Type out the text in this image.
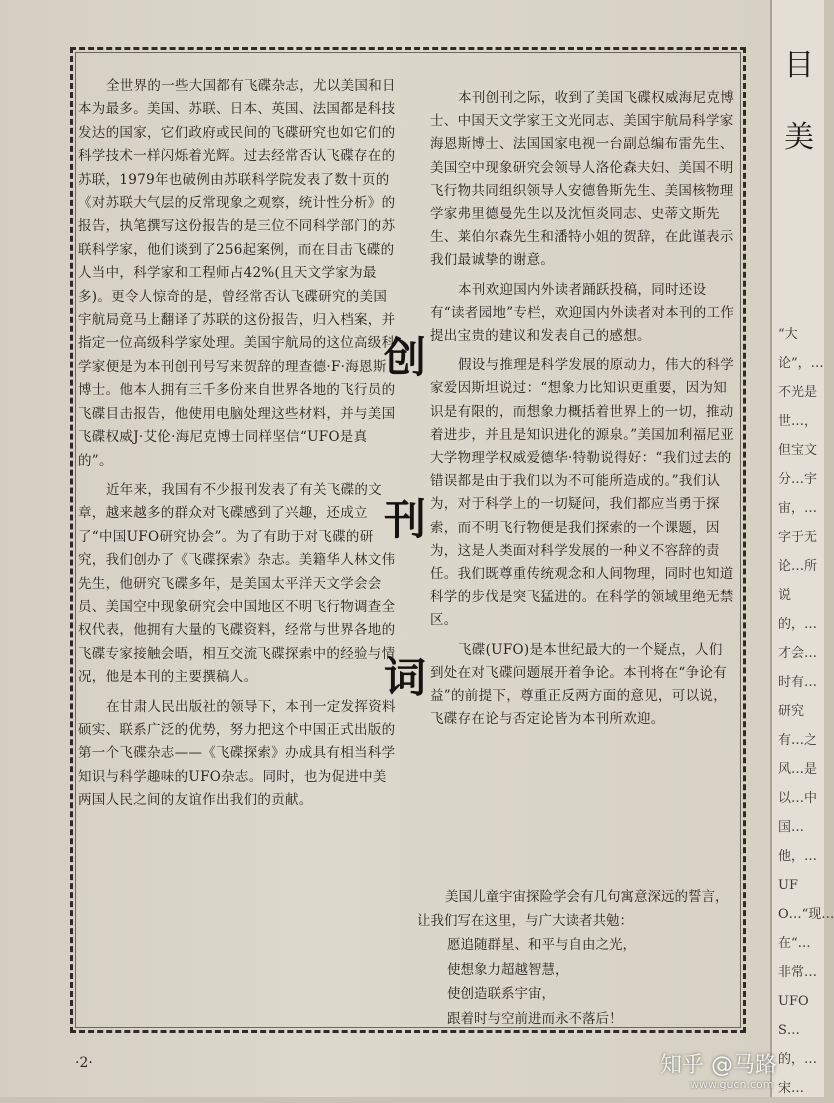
全世界的一些大国都有飞碟杂志，尤以美国和日本为最多。美国、苏联、日本、英国、法国都是科技发达的国家，它们政府或民间的飞碟研究也如它们的科学技术一样闪烁着光辉。过去经常否认飞碟存在的苏联，1979年也破例由苏联科学院发表了数十页的《对苏联大气层的反常现象之观察，统计性分析》的报告，执笔撰写这份报告的是三位不同科学部门的苏联科学家，他们谈到了256起案例，而在目击飞碟的人当中，科学家和工程师占42%(且天文学家为最多)。更令人惊奇的是，曾经常否认飞碟研究的美国宇航局竟马上翻译了苏联的这份报告，归入档案，并指定一位高级科学家处理。美国宇航局的这位高级科学家便是为本刊创刊号写来贺辞的理查德·F·海恩斯博士。他本人拥有三千多份来自世界各地的飞行员的飞碟目击报告，他使用电脑处理这些材料，并与美国飞碟权威J·艾伦·海尼克博士同样坚信“UFO是真的”。

近年来，我国有不少报刊发表了有关飞碟的文章，越来越多的群众对飞碟感到了兴趣，还成立了“中国UFO研究协会”。为了有助于对飞碟的研究，我们创办了《飞碟探索》杂志。美籍华人林文伟先生，他研究飞碟多年，是美国太平洋天文学会会员、美国空中现象研究会中国地区不明飞行物调查全权代表，他拥有大量的飞碟资料，经常与世界各地的飞碟专家接触会晤，相互交流飞碟探索中的经验与情况，他是本刊的主要撰稿人。

在甘肃人民出版社的领导下，本刊一定发挥资料硕实、联系广泛的优势，努力把这个中国正式出版的第一个飞碟杂志——《飞碟探索》办成具有相当科学知识与科学趣味的UFO杂志。同时，也为促进中美两国人民之间的友谊作出我们的贡献。

创
刊
词

本刊创刊之际，收到了美国飞碟权威海尼克博士、中国天文学家王文光同志、美国宇航局科学家海恩斯博士、法国国家电视一台副总编布雷先生、美国空中现象研究会领导人洛伦森夫妇、美国不明飞行物共同组织领导人安德鲁斯先生、美国核物理学家弗里德曼先生以及沈恒炎同志、史蒂文斯先生、莱伯尔森先生和潘特小姐的贺辞，在此谨表示我们最诚挚的谢意。

本刊欢迎国内外读者踊跃投稿，同时还设有“读者园地”专栏，欢迎国内外读者对本刊的工作提出宝贵的建议和发表自己的感想。

假设与推理是科学发展的原动力，伟大的科学家爱因斯坦说过：“想象力比知识更重要，因为知识是有限的，而想象力概括着世界上的一切，推动着进步，并且是知识进化的源泉。”美国加利福尼亚大学物理学权威爱德华·特勒说得好：“我们过去的错误都是由于我们以为不可能所造成的。”我们认为，对于科学上的一切疑问，我们都应当勇于探索，而不明飞行物便是我们探索的一个课题，因为，这是人类面对科学发展的一种义不容辞的责任。我们既尊重传统观念和人间物理，同时也知道科学的步伐是突飞猛进的。在科学的领域里绝无禁区。

飞碟(UFO)是本世纪最大的一个疑点，人们到处在对飞碟问题展开着争论。本刊将在“争论有益”的前提下，尊重正反两方面的意见，可以说，飞碟存在论与否定论皆为本刊所欢迎。

美国儿童宇宙探险学会有几句寓意深远的誓言，让我们写在这里，与广大读者共勉：

愿追随群星、和平与自由之光，

使想象力超越智慧，

使创造联系宇宙，

跟着时与空前进而永不落后！

·2·
目
美
“大论”，…不光是世…，但宝文分…宇宙，…字于无论…所说的，…才会…时有…研究有…之风…是以…中国…他，…UFO…“现…在“…非常…UFOS…的，…宋…
知乎 @马路
www.gucn.com
